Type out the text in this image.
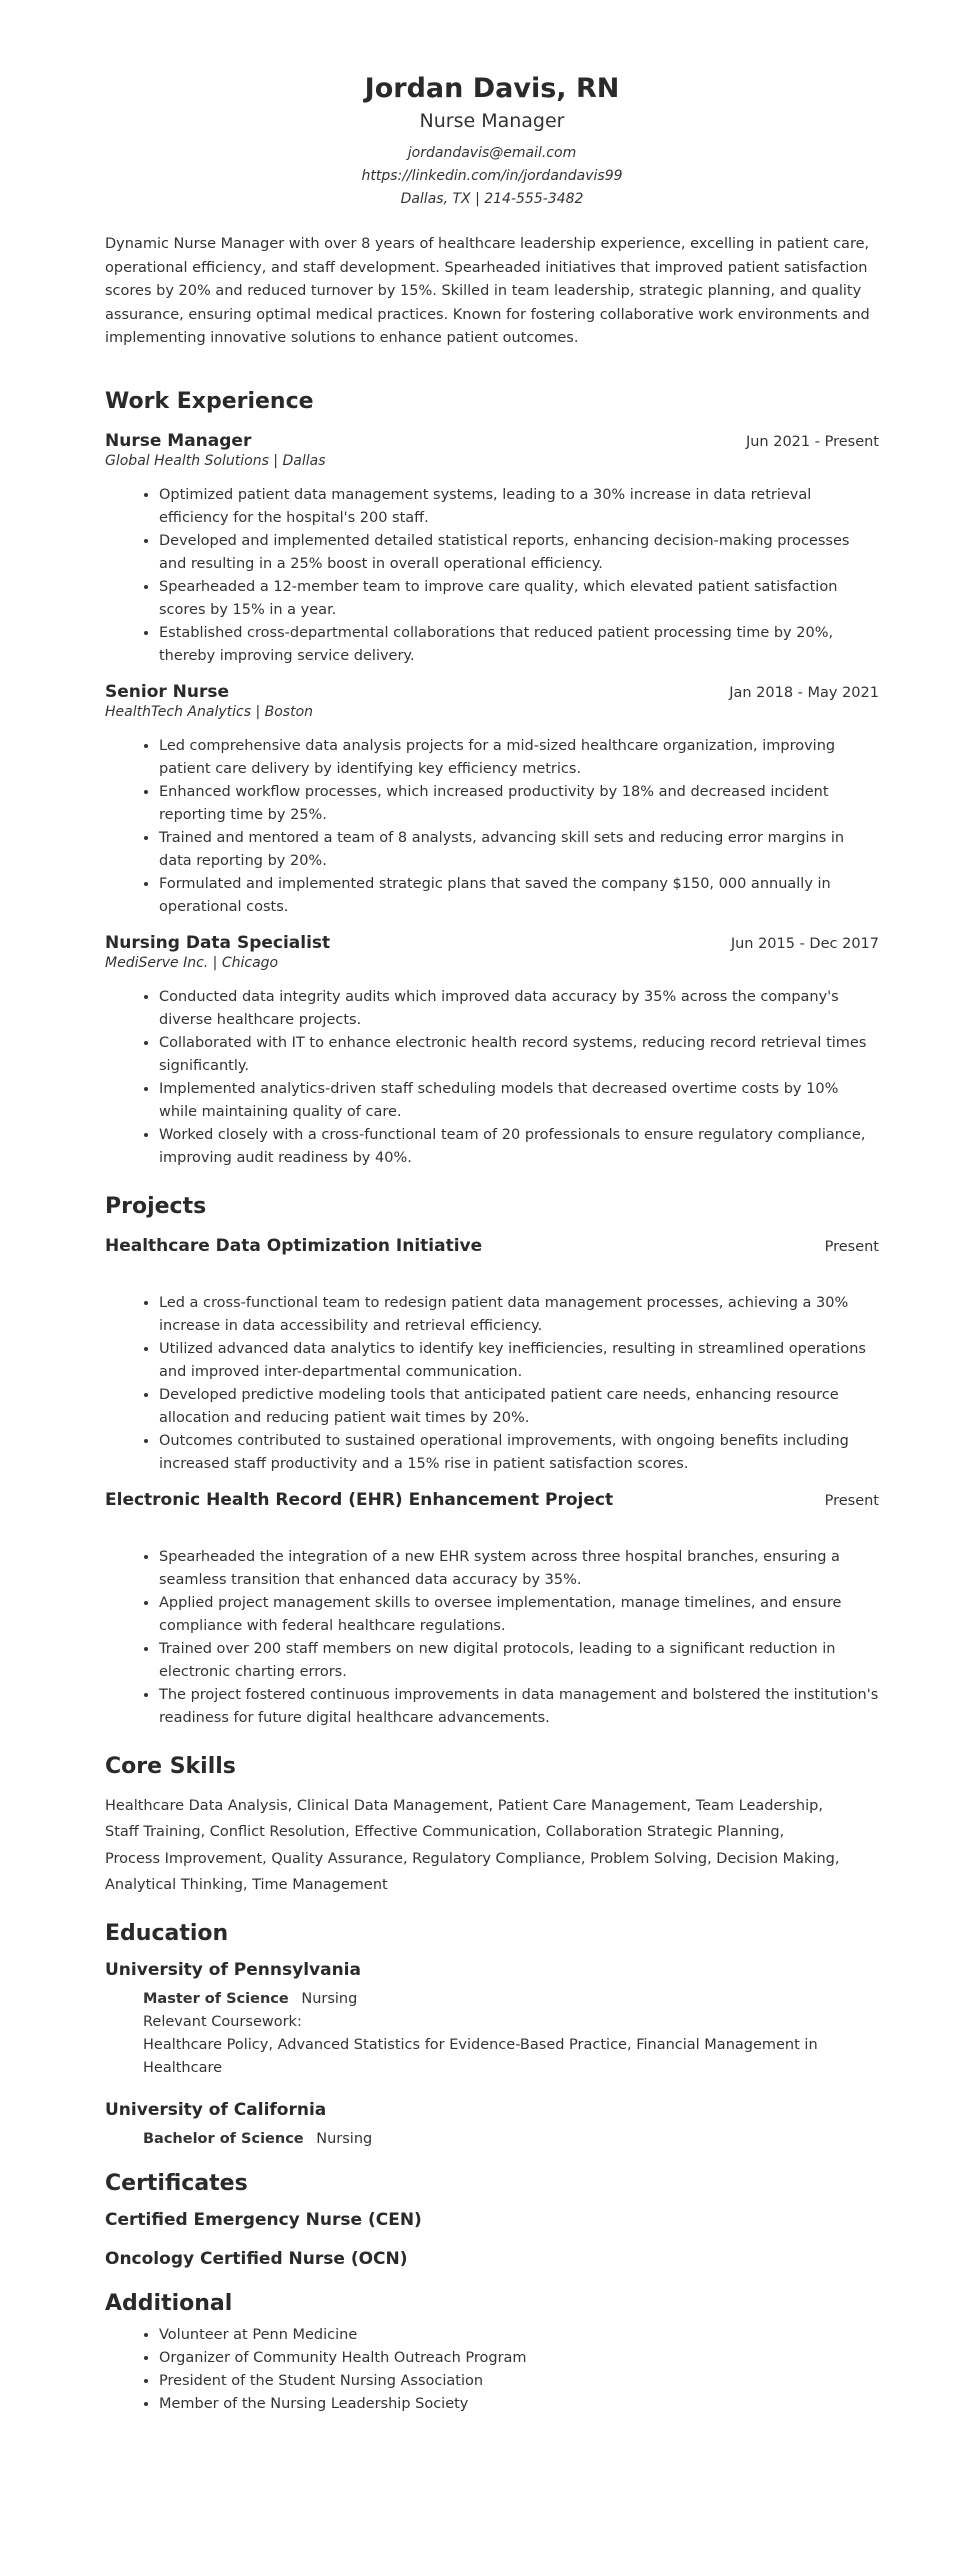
Jordan Davis, RN
Nurse Manager
jordandavis@email.com
https://linkedin.com/in/jordandavis99
Dallas, TX | 214-555-3482
Dynamic Nurse Manager with over 8 years of healthcare leadership experience, excelling in patient care, operational efficiency, and staff development. Spearheaded initiatives that improved patient satisfaction scores by 20% and reduced turnover by 15%. Skilled in team leadership, strategic planning, and quality assurance, ensuring optimal medical practices. Known for fostering collaborative work environments and implementing innovative solutions to enhance patient outcomes.
Work Experience
Nurse Manager	Jun 2021 - Present
Global Health Solutions | Dallas
• Optimized patient data management systems, leading to a 30% increase in data retrieval efficiency for the hospital's 200 staff.
• Developed and implemented detailed statistical reports, enhancing decision-making processes and resulting in a 25% boost in overall operational efficiency.
• Spearheaded a 12-member team to improve care quality, which elevated patient satisfaction scores by 15% in a year.
• Established cross-departmental collaborations that reduced patient processing time by 20%, thereby improving service delivery.
Senior Nurse	Jan 2018 - May 2021
HealthTech Analytics | Boston
• Led comprehensive data analysis projects for a mid-sized healthcare organization, improving patient care delivery by identifying key efficiency metrics.
• Enhanced workflow processes, which increased productivity by 18% and decreased incident reporting time by 25%.
• Trained and mentored a team of 8 analysts, advancing skill sets and reducing error margins in data reporting by 20%.
• Formulated and implemented strategic plans that saved the company $150, 000 annually in operational costs.
Nursing Data Specialist	Jun 2015 - Dec 2017
MediServe Inc. | Chicago
• Conducted data integrity audits which improved data accuracy by 35% across the company's diverse healthcare projects.
• Collaborated with IT to enhance electronic health record systems, reducing record retrieval times significantly.
• Implemented analytics-driven staff scheduling models that decreased overtime costs by 10% while maintaining quality of care.
• Worked closely with a cross-functional team of 20 professionals to ensure regulatory compliance, improving audit readiness by 40%.
Projects
Healthcare Data Optimization Initiative	Present
• Led a cross-functional team to redesign patient data management processes, achieving a 30% increase in data accessibility and retrieval efficiency.
• Utilized advanced data analytics to identify key inefficiencies, resulting in streamlined operations and improved inter-departmental communication.
• Developed predictive modeling tools that anticipated patient care needs, enhancing resource allocation and reducing patient wait times by 20%.
• Outcomes contributed to sustained operational improvements, with ongoing benefits including increased staff productivity and a 15% rise in patient satisfaction scores.
Electronic Health Record (EHR) Enhancement Project	Present
• Spearheaded the integration of a new EHR system across three hospital branches, ensuring a seamless transition that enhanced data accuracy by 35%.
• Applied project management skills to oversee implementation, manage timelines, and ensure compliance with federal healthcare regulations.
• Trained over 200 staff members on new digital protocols, leading to a significant reduction in electronic charting errors.
• The project fostered continuous improvements in data management and bolstered the institution's readiness for future digital healthcare advancements.
Core Skills
Healthcare Data Analysis, Clinical Data Management, Patient Care Management, Team Leadership,
Staff Training, Conflict Resolution, Effective Communication, Collaboration Strategic Planning,
Process Improvement, Quality Assurance, Regulatory Compliance, Problem Solving, Decision Making,
Analytical Thinking, Time Management
Education
University of Pennsylvania
Master of Science Nursing
Relevant Coursework:
Healthcare Policy, Advanced Statistics for Evidence-Based Practice, Financial Management in Healthcare
University of California
Bachelor of Science Nursing
Certificates
Certified Emergency Nurse (CEN)
Oncology Certified Nurse (OCN)
Additional
• Volunteer at Penn Medicine
• Organizer of Community Health Outreach Program
• President of the Student Nursing Association
• Member of the Nursing Leadership Society
